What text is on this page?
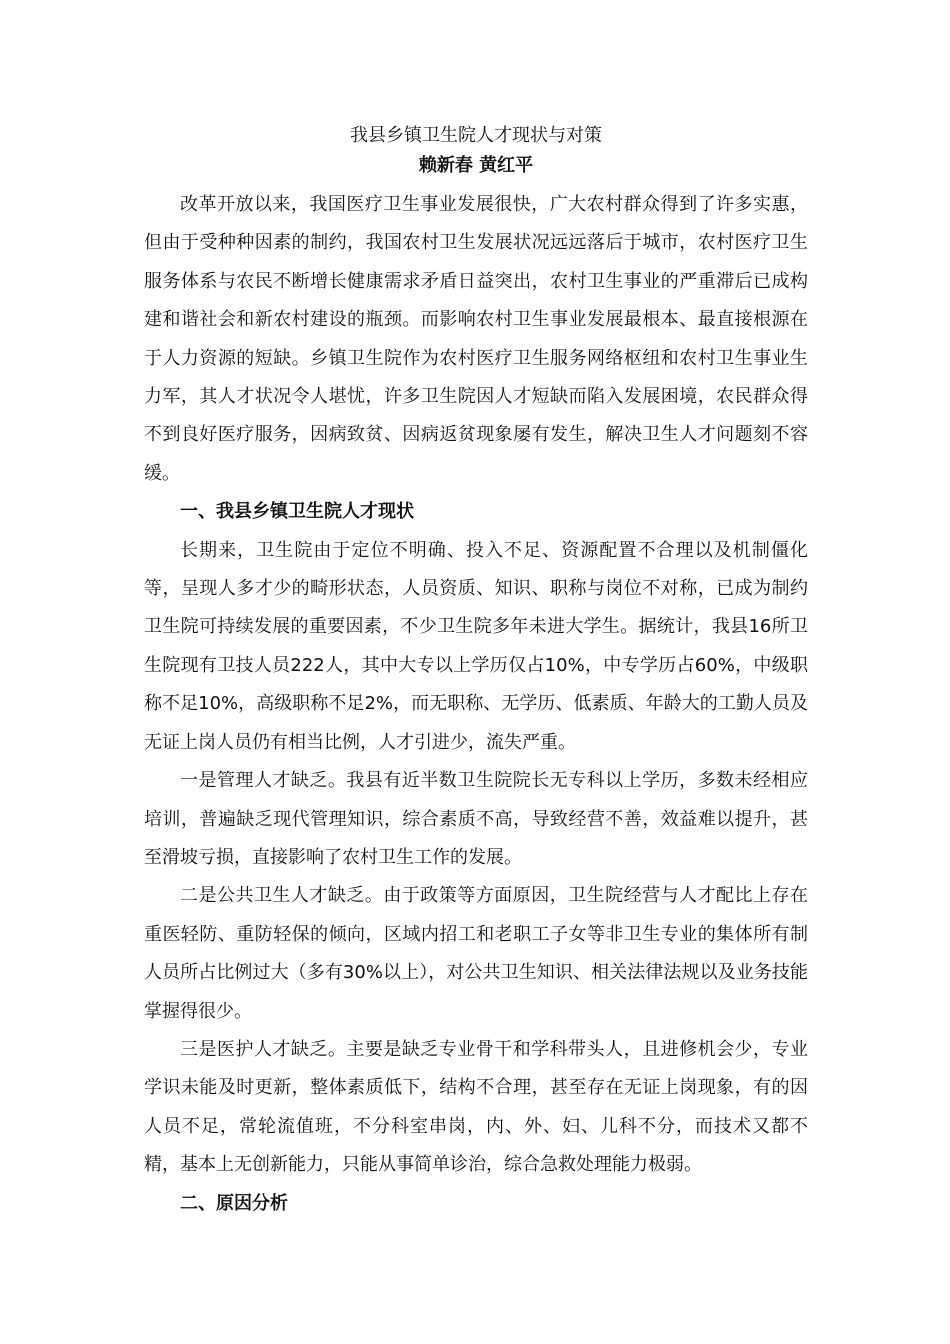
我县乡镇卫生院人才现状与对策

赖新春 黄红平

改革开放以来，我国医疗卫生事业发展很快，广大农村群众得到了许多实惠，但由于受种种因素的制约，我国农村卫生发展状况远远落后于城市，农村医疗卫生服务体系与农民不断增长健康需求矛盾日益突出，农村卫生事业的严重滞后已成构建和谐社会和新农村建设的瓶颈。而影响农村卫生事业发展最根本、最直接根源在于人力资源的短缺。乡镇卫生院作为农村医疗卫生服务网络枢纽和农村卫生事业生力军，其人才状况令人堪忧，许多卫生院因人才短缺而陷入发展困境，农民群众得不到良好医疗服务，因病致贫、因病返贫现象屡有发生，解决卫生人才问题刻不容缓。

一、我县乡镇卫生院人才现状

长期来，卫生院由于定位不明确、投入不足、资源配置不合理以及机制僵化等，呈现人多才少的畸形状态，人员资质、知识、职称与岗位不对称，已成为制约卫生院可持续发展的重要因素，不少卫生院多年未进大学生。据统计，我县16所卫生院现有卫技人员222人，其中大专以上学历仅占10%，中专学历占60%，中级职称不足10%，高级职称不足2%，而无职称、无学历、低素质、年龄大的工勤人员及无证上岗人员仍有相当比例，人才引进少，流失严重。

一是管理人才缺乏。我县有近半数卫生院院长无专科以上学历，多数未经相应培训，普遍缺乏现代管理知识，综合素质不高，导致经营不善，效益难以提升，甚至滑坡亏损，直接影响了农村卫生工作的发展。

二是公共卫生人才缺乏。由于政策等方面原因，卫生院经营与人才配比上存在重医轻防、重防轻保的倾向，区域内招工和老职工子女等非卫生专业的集体所有制人员所占比例过大（多有30%以上），对公共卫生知识、相关法律法规以及业务技能掌握得很少。

三是医护人才缺乏。主要是缺乏专业骨干和学科带头人，且进修机会少，专业学识未能及时更新，整体素质低下，结构不合理，甚至存在无证上岗现象，有的因人员不足，常轮流值班，不分科室串岗，内、外、妇、儿科不分，而技术又都不精，基本上无创新能力，只能从事简单诊治，综合急救处理能力极弱。

二、原因分析
